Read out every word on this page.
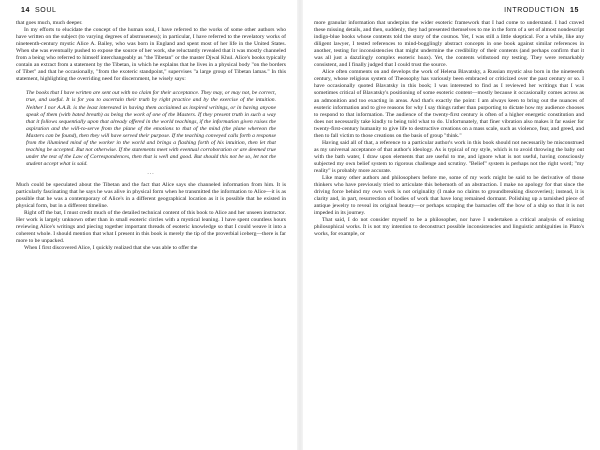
14 SOUL

that goes much, much deeper.

In my efforts to elucidate the concept of the human soul, I have referred to the works of some other authors who have written on the subject (to varying degrees of abstruseness); in particular, I have referred to the revelatory works of nineteenth-century mystic Alice A. Bailey, who was born in England and spent most of her life in the United States. When she was eventually pushed to expose the source of her work, she reluctantly revealed that it was mostly channeled from a being who referred to himself interchangeably as "the Tibetan" or the master Djwal Khul. Alice's books typically contain an extract from a statement by the Tibetan, in which he explains that he lives in a physical body "on the borders of Tibet" and that he occasionally, "from the exoteric standpoint," supervises "a large group of Tibetan lamas." In this statement, highlighting the overriding need for discernment, he wisely says:

The books that I have written are sent out with no claim for their acceptance. They may, or may not, be correct, true, and useful. It is for you to ascertain their truth by right practice and by the exercise of the intuition. Neither I nor A.A.B. is the least interested in having them acclaimed as inspired writings, or in having anyone speak of them (with bated breath) as being the work of one of the Masters. If they present truth in such a way that it follows sequentially upon that already offered in the world teachings, if the information given raises the aspiration and the will-to-serve from the plane of the emotions to that of the mind (the plane whereon the Masters can be found), then they will have served their purpose. If the teaching conveyed calls forth a response from the illumined mind of the worker in the world and brings a flashing forth of his intuition, then let that teaching be accepted. But not otherwise. If the statements meet with eventual corroboration or are deemed true under the test of the Law of Correspondences, then that is well and good. But should this not be so, let not the student accept what is said.
...

Much could be speculated about the Tibetan and the fact that Alice says she channeled information from him. It is particularly fascinating that he says he was alive in physical form when he transmitted the information to Alice—it is as possible that he was a contemporary of Alice's in a different geographical location as it is possible that he existed in physical form, but in a different timeline.

Right off the bat, I must credit much of the detailed technical content of this book to Alice and her unseen instructor. Her work is largely unknown other than in small esoteric circles with a mystical leaning. I have spent countless hours reviewing Alice's writings and piecing together important threads of esoteric knowledge so that I could weave it into a coherent whole. I should mention that what I present in this book is merely the tip of the proverbial iceberg—there is far more to be unpacked.

When I first discovered Alice, I quickly realized that she was able to offer the

INTRODUCTION 15

more granular information that underpins the wider esoteric framework that I had come to understand. I had craved these missing details, and then, suddenly, they had presented themselves to me in the form of a set of almost nondescript indigo-blue books whose contents told the story of the cosmos. Yet, I was still a little skeptical. For a while, like any diligent lawyer, I tested references to mind-bogglingly abstract concepts in one book against similar references in another, testing for inconsistencies that might undermine the credibility of their contents (and perhaps confirm that it was all just a dazzlingly complex esoteric hoax). Yet, the contents withstood my testing. They were remarkably consistent, and I finally judged that I could trust the source.

Alice often comments on and develops the work of Helena Blavatsky, a Russian mystic also born in the nineteenth century, whose religious system of Theosophy has variously been embraced or criticized over the past century or so. I have occasionally quoted Blavatsky in this book; I was interested to find as I reviewed her writings that I was sometimes critical of Blavatsky's positioning of some esoteric content—mostly because it occasionally comes across as an admonition and too exacting in areas. And that's exactly the point: I am always keen to bring out the nuances of esoteric information and to give reasons for why I say things rather than purporting to dictate how my audience chooses to respond to that information. The audience of the twenty-first century is often of a higher energetic constitution and does not necessarily take kindly to being told what to do. Unfortunately, that finer vibration also makes it far easier for twenty-first-century humanity to give life to destructive creations on a mass scale, such as violence, fear, and greed, and then to fall victim to those creations on the basis of group "think."

Having said all of that, a reference to a particular author's work in this book should not necessarily be misconstrued as my universal acceptance of that author's ideology. As is typical of my style, which is to avoid throwing the baby out with the bath water, I draw upon elements that are useful to me, and ignore what is not useful, having consciously subjected my own belief system to rigorous challenge and scrutiny. "Belief" system is perhaps not the right word; "my reality" is probably more accurate.

Like many other authors and philosophers before me, some of my work might be said to be derivative of those thinkers who have previously tried to articulate this behemoth of an abstraction. I make no apology for that since the driving force behind my own work is not originality (I make no claims to groundbreaking discoveries); instead, it is clarity and, in part, resurrection of bodies of work that have long remained dormant. Polishing up a tarnished piece of antique jewelry to reveal its original beauty—or perhaps scraping the barnacles off the bow of a ship so that it is not impeded in its journey.

That said, I do not consider myself to be a philosopher, nor have I undertaken a critical analysis of existing philosophical works. It is not my intention to deconstruct possible inconsistencies and linguistic ambiguities in Plato's works, for example, or
